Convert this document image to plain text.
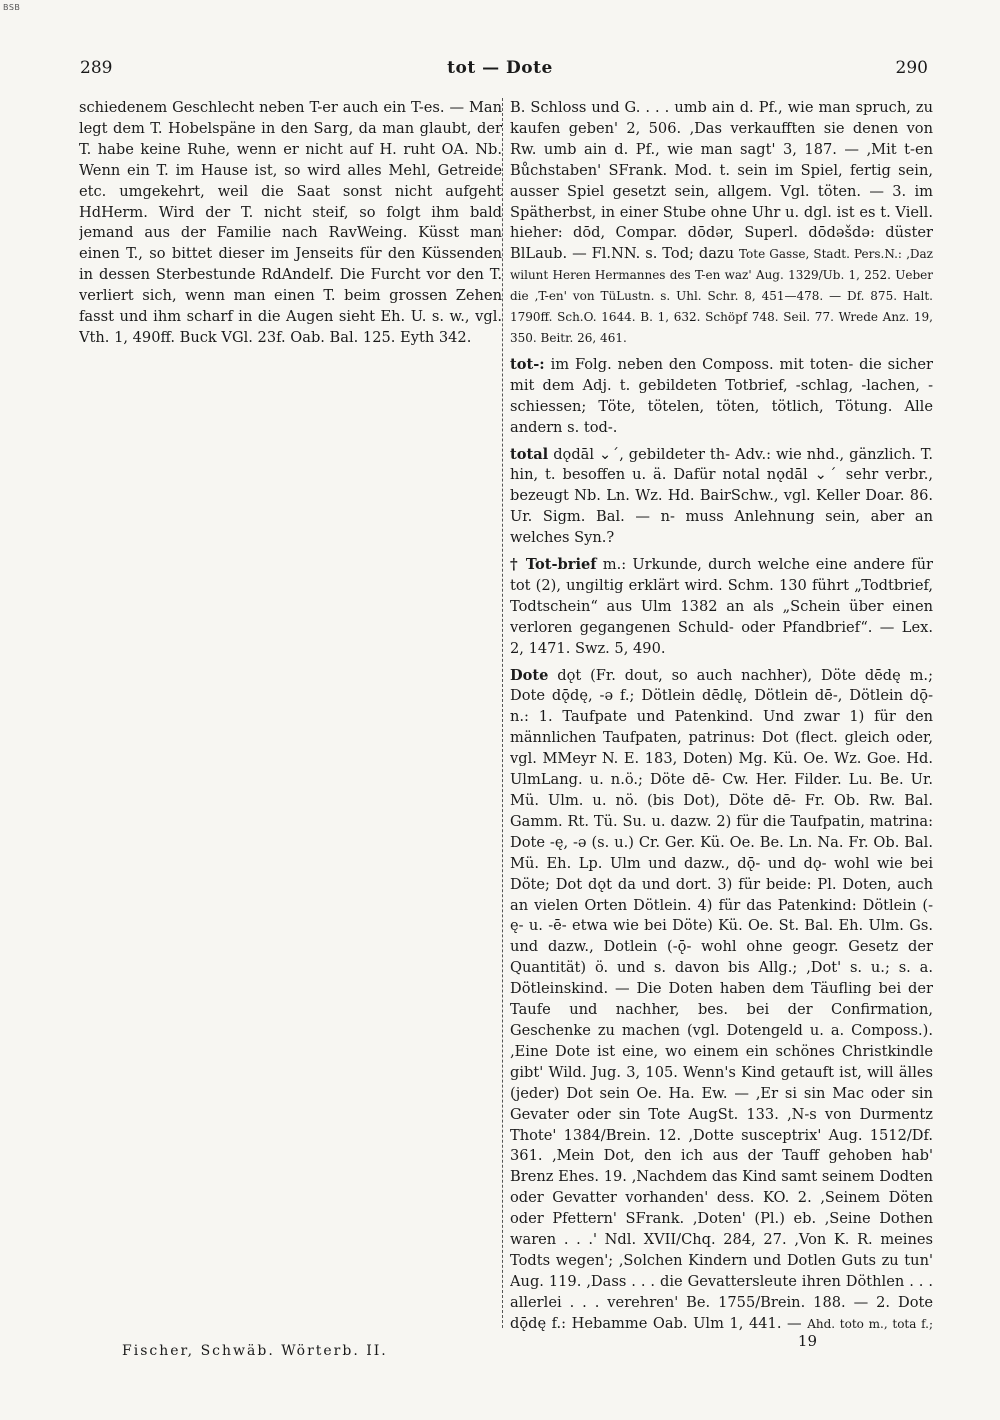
BSB
289	tot — Dote	290

schiedenem Geschlecht neben T-er auch ein T-es. — Man legt dem T. Hobelspäne in den Sarg, da man glaubt, der T. habe keine Ruhe, wenn er nicht auf H. ruht OA. Nb. Wenn ein T. im Hause ist, so wird alles Mehl, Getreide etc. umgekehrt, weil die Saat sonst nicht aufgeht HdHerm. Wird der T. nicht steif, so folgt ihm bald jemand aus der Familie nach RavWeing. Küsst man einen T., so bittet dieser im Jenseits für den Küssenden in dessen Sterbestunde RdAndelf. Die Furcht vor den T. verliert sich, wenn man einen T. beim grossen Zehen fasst und ihm scharf in die Augen sieht Eh. U. s. w., vgl. Vth. 1, 490ff. Buck VGl. 23f. Oab. Bal. 125. Eyth 342.

B. Schloss und G. . . . umb ain d. Pf., wie man spruch, zu kaufen geben' 2, 506. ‚Das verkaufften sie denen von Rw. umb ain d. Pf., wie man sagt' 3, 187. — ‚Mit t-en Bůchstaben' SFrank. Mod. t. sein im Spiel, fertig sein, ausser Spiel gesetzt sein, allgem. Vgl. töten. — 3. im Spätherbst, in einer Stube ohne Uhr u. dgl. ist es t. Viell. hieher: dōd, Compar. dōdər, Superl. dōdəšdə: düster BlLaub. — Fl.NN. s. Tod; dazu Tote Gasse, Stadt. Pers.N.: ‚Daz wilunt Heren Hermannes des T-en waz' Aug. 1329/Ub. 1, 252. Ueber die ‚T-en' von TüLustn. s. Uhl. Schr. 8, 451—478. — Df. 875. Halt. 1790ff. Sch.O. 1644. B. 1, 632. Schöpf 748. Seil. 77. Wrede Anz. 19, 350. Beitr. 26, 461.

tot-: im Folg. neben den Composs. mit toten- die sicher mit dem Adj. t. gebildeten Totbrief, -schlag, -lachen, -schiessen; Töte, tötelen, töten, tötlich, Tötung. Alle andern s. tod-.

total dǫdāl ⌄ˊ, gebildeter th- Adv.: wie nhd., gänzlich. T. hin, t. besoffen u. ä. Dafür notal nǫdāl ⌄ˊ sehr verbr., bezeugt Nb. Ln. Wz. Hd. BairSchw., vgl. Keller Doar. 86. Ur. Sigm. Bal. — n- muss Anlehnung sein, aber an welches Syn.?

† Tot-brief m.: Urkunde, durch welche eine andere für tot (2), ungiltig erklärt wird. Schm. 130 führt „Todtbrief, Todtschein“ aus Ulm 1382 an als „Schein über einen verloren gegangenen Schuld- oder Pfandbrief“. — Lex. 2, 1471. Swz. 5, 490.

Dote dǫt (Fr. dout, so auch nachher), Döte dēdę m.; Dote dǭdę, -ə f.; Dötlein dēdlę, Dötlein dē-, Dötlein dǭ- n.: 1. Taufpate und Patenkind. Und zwar 1) für den männlichen Taufpaten, patrinus: Dot (flect. gleich oder, vgl. MMeyr N. E. 183, Doten) Mg. Kü. Oe. Wz. Goe. Hd. UlmLang. u. n.ö.; Döte dē- Cw. Her. Filder. Lu. Be. Ur. Mü. Ulm. u. nö. (bis Dot), Döte dē- Fr. Ob. Rw. Bal. Gamm. Rt. Tü. Su. u. dazw. 2) für die Taufpatin, matrina: Dote -ę, -ə (s. u.) Cr. Ger. Kü. Oe. Be. Ln. Na. Fr. Ob. Bal. Mü. Eh. Lp. Ulm und dazw., dǭ- und dǫ- wohl wie bei Döte; Dot dǫt da und dort. 3) für beide: Pl. Doten, auch an vielen Orten Dötlein. 4) für das Patenkind: Dötlein (-ę- u. -ē- etwa wie bei Döte) Kü. Oe. St. Bal. Eh. Ulm. Gs. und dazw., Dotlein (-ǭ- wohl ohne geogr. Gesetz der Quantität) ö. und s. davon bis Allg.; ‚Dot' s. u.; s. a. Dötleinskind. — Die Doten haben dem Täufling bei der Taufe und nachher, bes. bei der Confirmation, Geschenke zu machen (vgl. Dotengeld u. a. Composs.). ‚Eine Dote ist eine, wo einem ein schönes Christkindle gibt' Wild. Jug. 3, 105. Wenn's Kind getauft ist, will älles (jeder) Dot sein Oe. Ha. Ew. — ‚Er si sin Mac oder sin Gevater oder sin Tote AugSt. 133. ‚N-s von Durmentz Thote' 1384/Brein. 12. ‚Dotte susceptrix' Aug. 1512/Df. 361. ‚Mein Dot, den ich aus der Tauff gehoben hab' Brenz Ehes. 19. ‚Nachdem das Kind samt seinem Dodten oder Gevatter vorhanden' dess. KO. 2. ‚Seinem Döten oder Pfettern' SFrank. ‚Doten' (Pl.) eb. ‚Seine Dothen waren . . .' Ndl. XVII/Chq. 284, 27. ‚Von K. R. meines Todts wegen'; ‚Solchen Kindern und Dotlen Guts zu tun' Aug. 119. ‚Dass . . . die Gevattersleute ihren Döthlen . . . allerlei . . . verehren' Be. 1755/Brein. 188. — 2. Dote dǭdę f.: Hebamme Oab. Ulm 1, 441. — Ahd. toto m., tota f.;

Fischer, Schwäb. Wörterb. II.
19
